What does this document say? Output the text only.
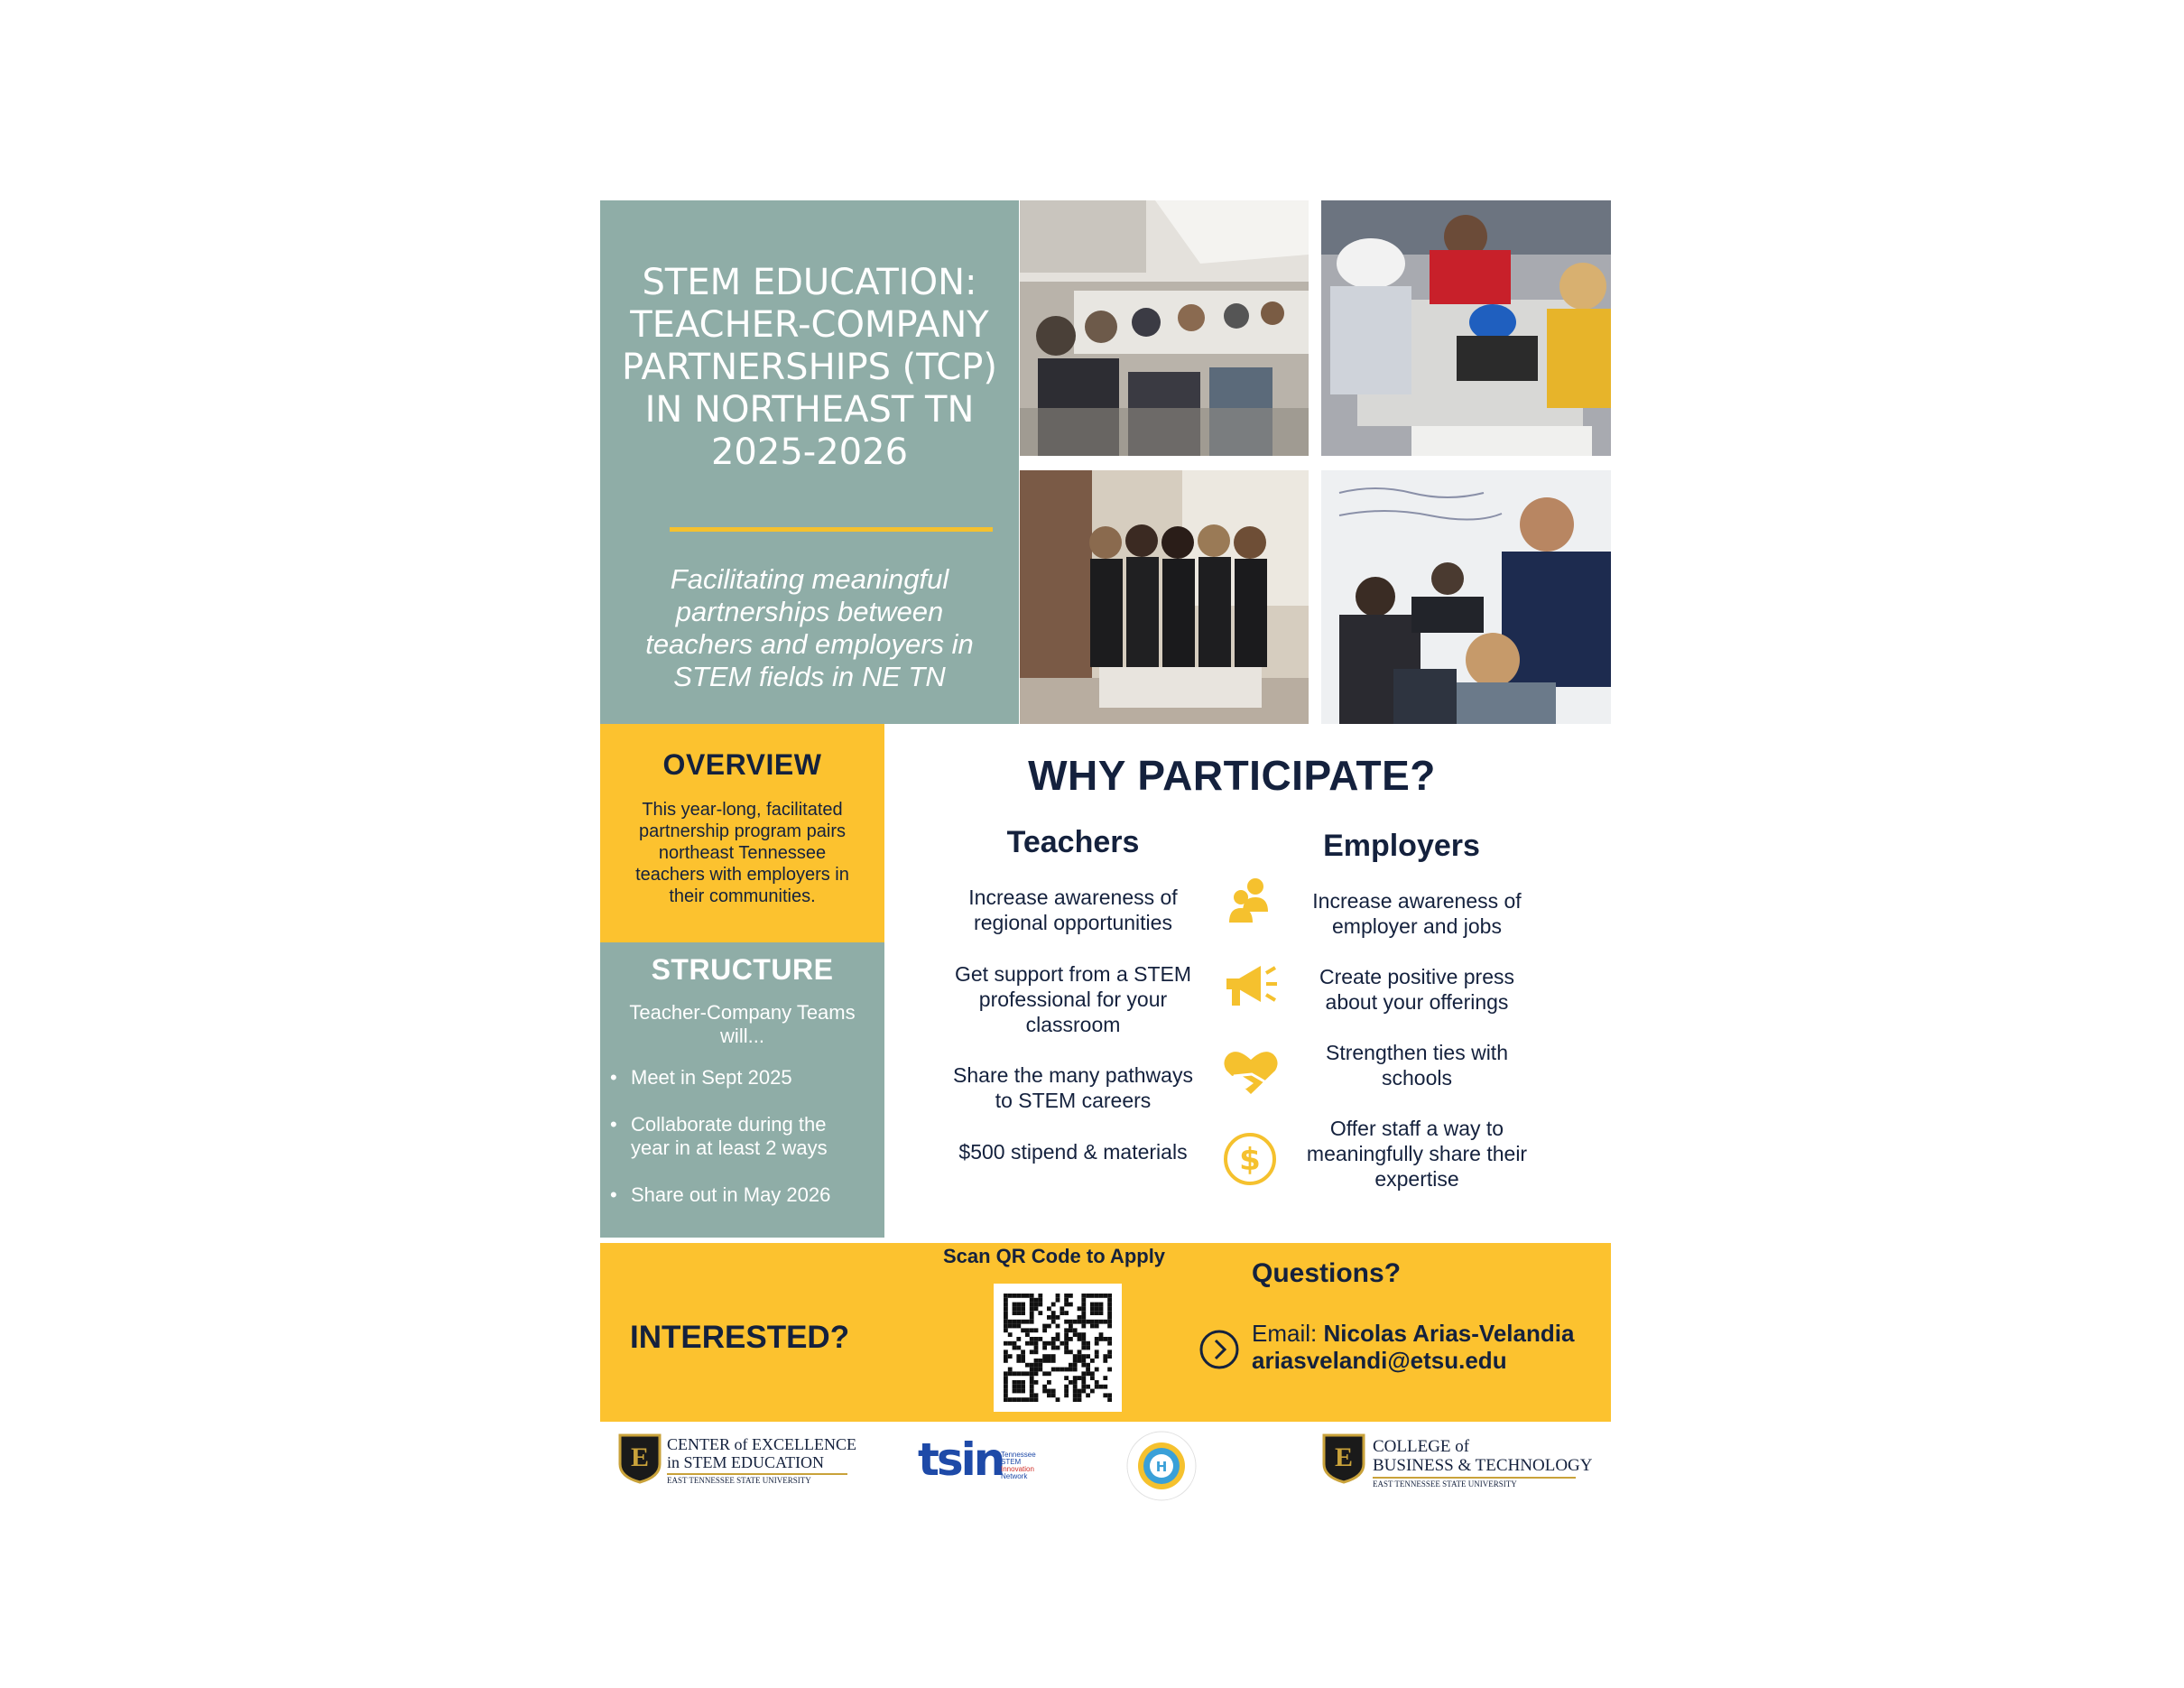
STEM EDUCATION:
TEACHER-COMPANY
PARTNERSHIPS (TCP)
IN NORTHEAST TN
2025-2026
Facilitating meaningful
partnerships between
teachers and employers in
STEM fields in NE TN
OVERVIEW

This year-long, facilitated
partnership program pairs
northeast Tennessee
teachers with employers in
their communities.

STRUCTURE

Teacher-Company Teams
will...

• Meet in Sept 2025
• Collaborate during the
year in at least 2 ways
• Share out in May 2026
WHY PARTICIPATE?
Teachers	Employers
Increase awareness of
regional opportunities
Get support from a STEM
professional for your
classroom
Share the many pathways
to STEM careers
$500 stipend & materials
Increase awareness of
employer and jobs
Create positive press
about your offerings
Strengthen ties with
schools
Offer staff a way to
meaningfully share their
expertise
$
INTERESTED?
Scan QR Code to Apply
Questions?
Email: Nicolas Arias-Velandia
ariasvelandi@etsu.edu
E CENTER of EXCELLENCE
in STEM EDUCATION
EAST TENNESSEE STATE UNIVERSITY	tsin
Tennessee
STEM
Innovation
Network
H	E COLLEGE of
BUSINESS & TECHNOLOGY
EAST TENNESSEE STATE UNIVERSITY
